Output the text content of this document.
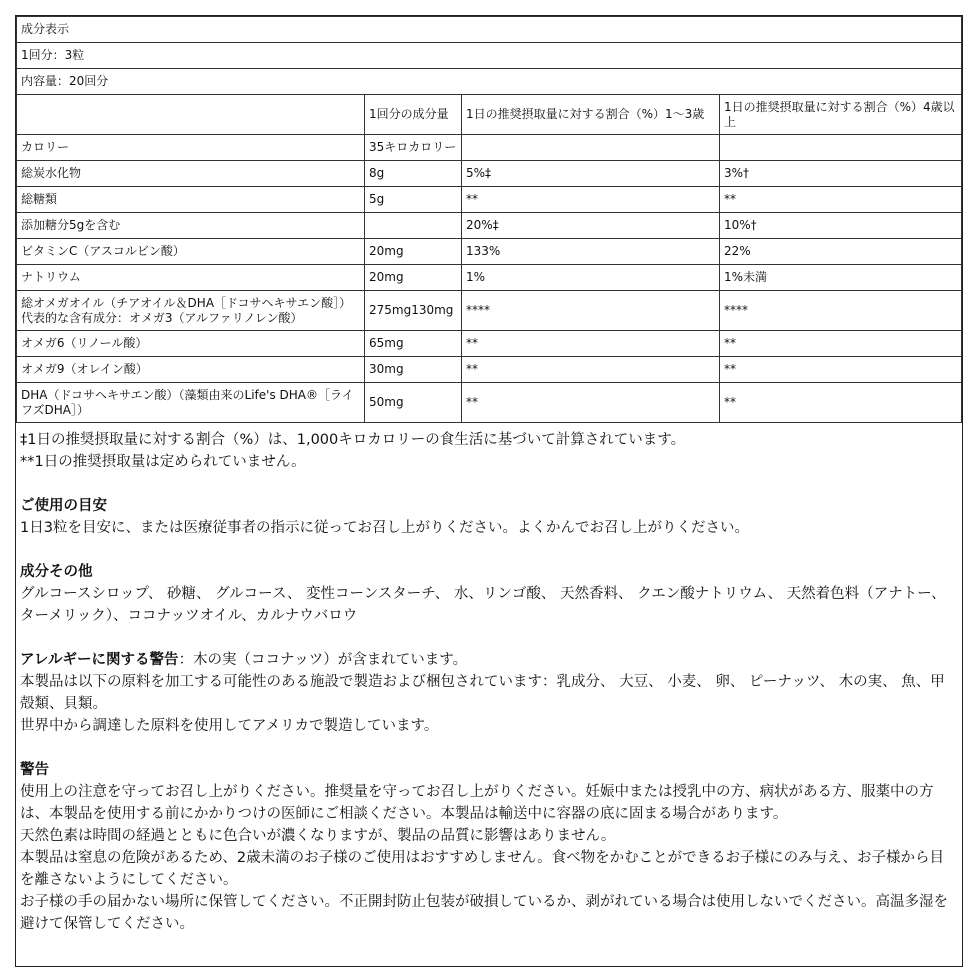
成分表示			
1回分：3粒			
内容量：20回分			
	1回分の成分量	1日の推奨摂取量に対する割合（%）1〜3歳	1日の推奨摂取量に対する割合（%）4歳以上
カロリー	35キロカロリー		
総炭水化物	8g	5%‡	3%†
総糖類	5g	**	**
添加糖分5gを含む		20%‡	10%†
ビタミンC（アスコルビン酸）	20mg	133%	22%
ナトリウム	20mg	1%	1%未満
総オメガオイル（チアオイル＆DHA［ドコサヘキサエン酸］）代表的な含有成分：オメガ3（アルファリノレン酸）	275mg130mg	****	****
オメガ6（リノール酸）	65mg	**	**
オメガ9（オレイン酸）	30mg	**	**
DHA（ドコサヘキサエン酸）（藻類由来のLife's DHA®［ライフズDHA］）	50mg	**	**

‡1日の推奨摂取量に対する割合（%）は、1,000キロカロリーの食生活に基づいて計算されています。

**1日の推奨摂取量は定められていません。

ご使用の目安

1日3粒を目安に、または医療従事者の指示に従ってお召し上がりください。よくかんでお召し上がりください。

成分その他

グルコースシロップ、 砂糖、 グルコース、 変性コーンスターチ、 水、リンゴ酸、 天然香料、 クエン酸ナトリウム、 天然着色料（アナトー、ターメリック）、ココナッツオイル、カルナウバロウ

アレルギーに関する警告：木の実（ココナッツ）が含まれています。

本製品は以下の原料を加工する可能性のある施設で製造および梱包されています：乳成分、 大豆、 小麦、 卵、 ピーナッツ、 木の実、 魚、甲殻類、貝類。

世界中から調達した原料を使用してアメリカで製造しています。

警告

使用上の注意を守ってお召し上がりください。推奨量を守ってお召し上がりください。妊娠中または授乳中の方、病状がある方、服薬中の方は、本製品を使用する前にかかりつけの医師にご相談ください。本製品は輸送中に容器の底に固まる場合があります。

天然色素は時間の経過とともに色合いが濃くなりますが、製品の品質に影響はありません。

本製品は窒息の危険があるため、2歳未満のお子様のご使用はおすすめしません。食べ物をかむことができるお子様にのみ与え、お子様から目を離さないようにしてください。

お子様の手の届かない場所に保管してください。不正開封防止包装が破損しているか、剥がれている場合は使用しないでください。高温多湿を避けて保管してください。
